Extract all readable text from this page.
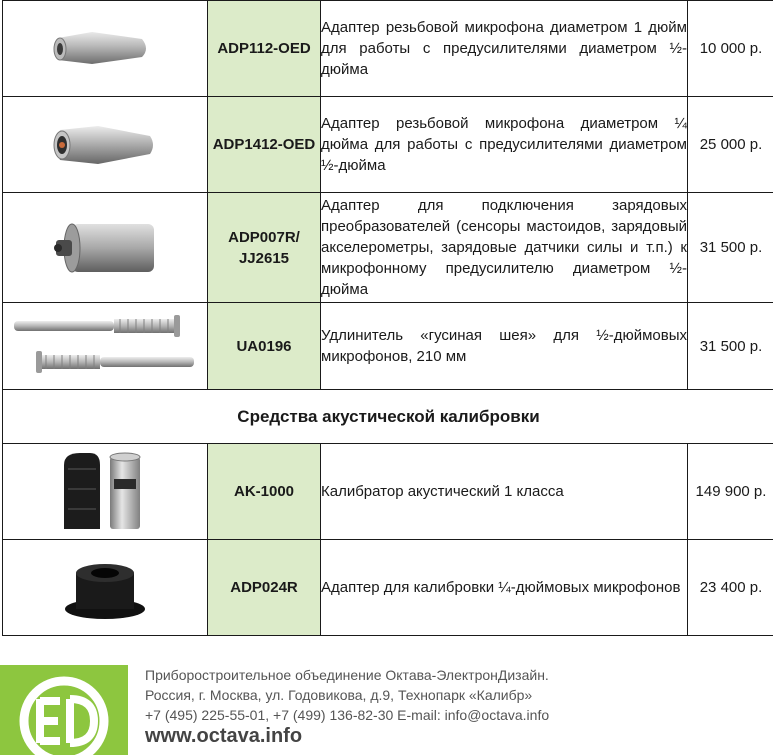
	ADP112-OED	Адаптер резьбовой микрофона диаметром 1 дюйм для работы с предусилителями диаметром ½-дюйма	10 000 р.

	ADP1412-OED	Адаптер резьбовой микрофона диаметром ¼ дюйма для работы с предусилителями диаметром ½-дюйма	25 000 р.

	ADP007R/ JJ2615	Адаптер для подключения зарядовых преобразователей (сенсоры мастоидов, зарядовый акселерометры, зарядовые датчики силы и т.п.) к микрофонному предусилителю диаметром ½-дюйма	31 500 р.

	UA0196	Удлинитель «гусиная шея» для ½-дюймовых микрофонов, 210 мм	31 500 р.
Средства акустической калибровки			

	AK-1000	Калибратор акустический 1 класса	149 900 р.

	ADP024R	Адаптер для калибровки ¼-дюймовых микрофонов	23 400 р.
Приборостроительное объединение Октава-ЭлектронДизайн.
Россия, г. Москва, ул. Годовикова, д.9, Технопарк «Калибр»
+7 (495) 225-55-01, +7 (499) 136-82-30 E-mail: info@octava.info
www.octava.info
